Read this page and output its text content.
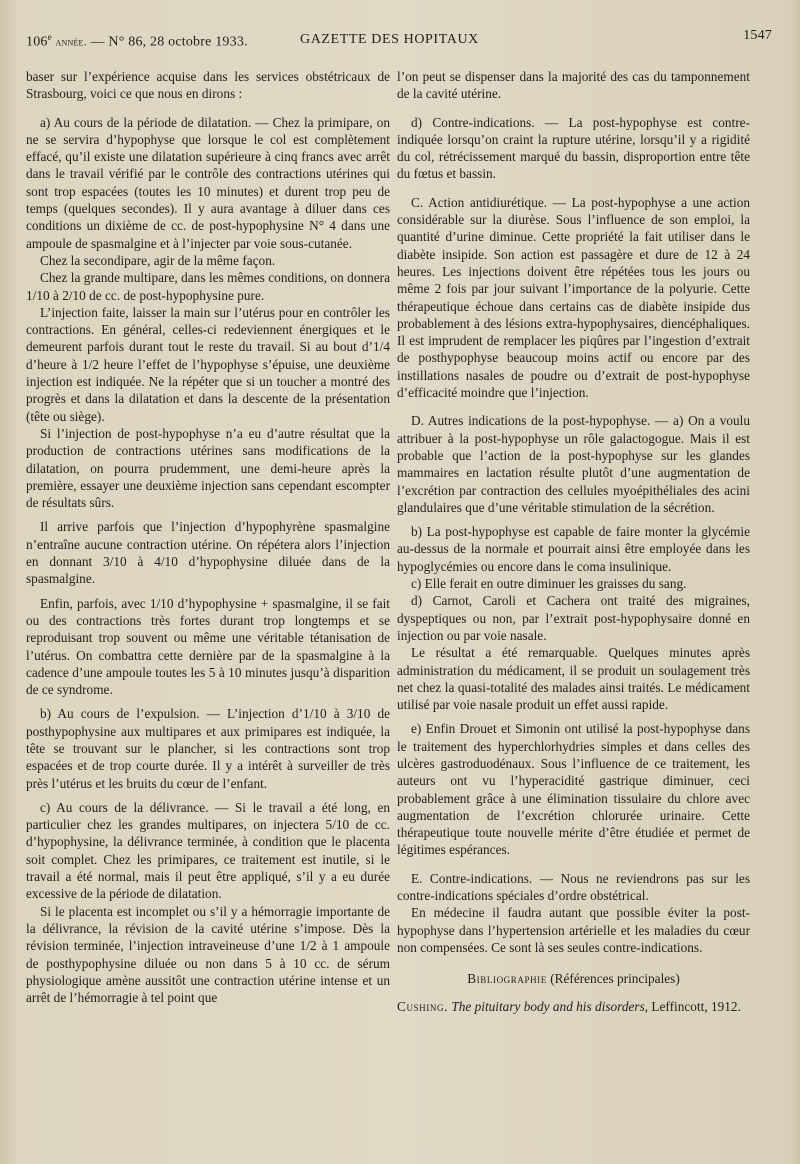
106e année. — N° 86, 28 octobre 1933.	GAZETTE DES HOPITAUX	1547

baser sur l’expérience acquise dans les services obstétricaux de Strasbourg, voici ce que nous en dirons :

a) Au cours de la période de dilatation. — Chez la primipare, on ne se servira d’hypophyse que lorsque le col est complètement effacé, qu’il existe une dilatation supérieure à cinq francs avec arrêt dans le travail vérifié par le contrôle des contractions utérines qui sont trop espacées (toutes les 10 minutes) et durent trop peu de temps (quelques secondes). Il y aura avantage à diluer dans ces conditions un dixième de cc. de post-hypophysine N° 4 dans une ampoule de spasmalgine et à l’injecter par voie sous-cutanée.

Chez la secondipare, agir de la même façon.

Chez la grande multipare, dans les mêmes conditions, on donnera 1/10 à 2/10 de cc. de post-hypophysine pure.

L’injection faite, laisser la main sur l’utérus pour en contrôler les contractions. En général, celles-ci redeviennent énergiques et le demeurent parfois durant tout le reste du travail. Si au bout d’1/4 d’heure à 1/2 heure l’effet de l’hypophyse s’épuise, une deuxième injection est indiquée. Ne la répéter que si un toucher a montré des progrès et dans la dilatation et dans la descente de la présentation (tête ou siège).

Si l’injection de post-hypophyse n’a eu d’autre résultat que la production de contractions utérines sans modifications de la dilatation, on pourra prudemment, une demi-heure après la première, essayer une deuxième injection sans cependant escompter de résultats sûrs.

Il arrive parfois que l’injection d’hypophyrène spasmalgine n’entraîne aucune contraction utérine. On répétera alors l’injection en donnant 3/10 à 4/10 d’hypophysine diluée dans de la spasmalgine.

Enfin, parfois, avec 1/10 d’hypophysine + spasmalgine, il se fait ou des contractions très fortes durant trop longtemps et se reproduisant trop souvent ou même une véritable tétanisation de l’utérus. On combattra cette dernière par de la spasmalgine à la cadence d’une ampoule toutes les 5 à 10 minutes jusqu’à disparition de ce syndrome.

b) Au cours de l’expulsion. — L’injection d’1/10 à 3/10 de posthypophysine aux multipares et aux primipares est indiquée, la tête se trouvant sur le plancher, si les contractions sont trop espacées et de trop courte durée. Il y a intérêt à surveiller de très près l’utérus et les bruits du cœur de l’enfant.

c) Au cours de la délivrance. — Si le travail a été long, en particulier chez les grandes multipares, on injectera 5/10 de cc. d’hypophysine, la délivrance terminée, à condition que le placenta soit complet. Chez les primipares, ce traitement est inutile, si le travail a été normal, mais il peut être appliqué, s’il y a eu durée excessive de la période de dilatation.

Si le placenta est incomplet ou s’il y a hémorragie importante de la délivrance, la révision de la cavité utérine s’impose. Dès la révision terminée, l’injection intraveineuse d’une 1/2 à 1 ampoule de posthypophysine diluée ou non dans 5 à 10 cc. de sérum physiologique amène aussitôt une contraction utérine intense et un arrêt de l’hémorragie à tel point que

l’on peut se dispenser dans la majorité des cas du tamponnement de la cavité utérine.

d) Contre-indications. — La post-hypophyse est contre-indiquée lorsqu’on craint la rupture utérine, lorsqu’il y a rigidité du col, rétrécissement marqué du bassin, disproportion entre tête du fœtus et bassin.

C. Action antidiurétique. — La post-hypophyse a une action considérable sur la diurèse. Sous l’influence de son emploi, la quantité d’urine diminue. Cette propriété la fait utiliser dans le diabète insipide. Son action est passagère et dure de 12 à 24 heures. Les injections doivent être répétées tous les jours ou même 2 fois par jour suivant l’importance de la polyurie. Cette thérapeutique échoue dans certains cas de diabète insipide dus probablement à des lésions extra-hypophysaires, diencéphaliques. Il est imprudent de remplacer les piqûres par l’ingestion d’extrait de posthypophyse beaucoup moins actif ou encore par des instillations nasales de poudre ou d’extrait de post-hypophyse d’efficacité moindre que l’injection.

D. Autres indications de la post-hypophyse. — a) On a voulu attribuer à la post-hypophyse un rôle galactogogue. Mais il est probable que l’action de la post-hypophyse sur les glandes mammaires en lactation résulte plutôt d’une augmentation de l’excrétion par contraction des cellules myoépithéliales des acini glandulaires que d’une véritable stimulation de la sécrétion.

b) La post-hypophyse est capable de faire monter la glycémie au-dessus de la normale et pourrait ainsi être employée dans les hypoglycémies ou encore dans le coma insulinique.

c) Elle ferait en outre diminuer les graisses du sang.

d) Carnot, Caroli et Cachera ont traité des migraines, dyspeptiques ou non, par l’extrait post-hypophysaire donné en injection ou par voie nasale.

Le résultat a été remarquable. Quelques minutes après administration du médicament, il se produit un soulagement très net chez la quasi-totalité des malades ainsi traités. Le médicament utilisé par voie nasale produit un effet aussi rapide.

e) Enfin Drouet et Simonin ont utilisé la post-hypophyse dans le traitement des hyperchlorhydries simples et dans celles des ulcères gastroduodénaux. Sous l’influence de ce traitement, les auteurs ont vu l’hyperacidité gastrique diminuer, ceci probablement grâce à une élimination tissulaire du chlore avec augmentation de l’excrétion chlorurée urinaire. Cette thérapeutique toute nouvelle mérite d’être étudiée et permet de légitimes espérances.

E. Contre-indications. — Nous ne reviendrons pas sur les contre-indications spéciales d’ordre obstétrical.

En médecine il faudra autant que possible éviter la post-hypophyse dans l’hypertension artérielle et les maladies du cœur non compensées. Ce sont là ses seules contre-indications.

Bibliographie (Références principales)

Cushing. The pituitary body and his disorders, Leffincott, 1912.
